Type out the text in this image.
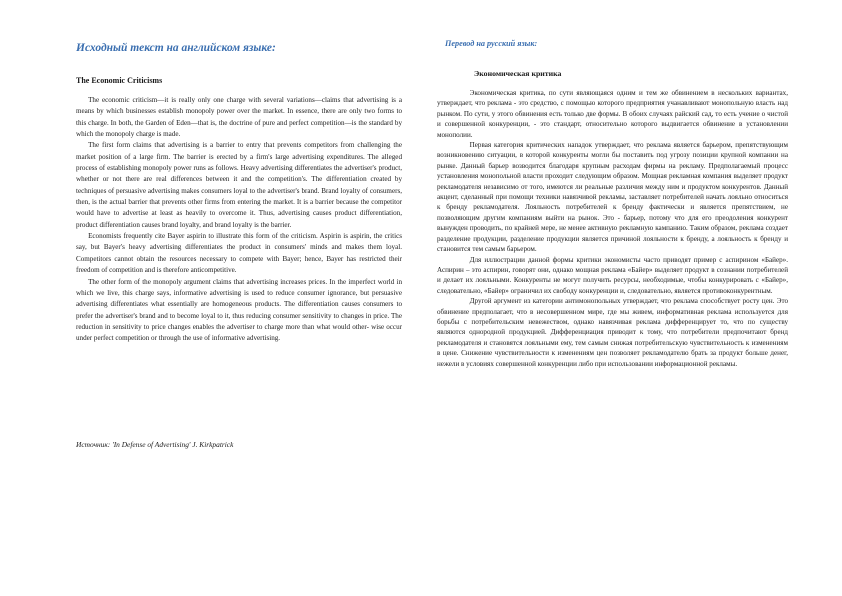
Исходный текст на английском языке:
The Economic Criticisms

The economic criticism—it is really only one charge with several variations—claims that advertising is a means by which businesses establish monopoly power over the market. In essence, there are only two forms to this charge. In both, the Garden of Eden—that is, the doctrine of pure and perfect competition—is the standard by which the monopoly charge is made.

The first form claims that advertising is a barrier to entry that prevents competitors from challenging the market position of a large firm. The barrier is erected by a firm's large advertising expenditures. The alleged process of establishing monopoly power runs as follows. Heavy advertising differentiates the advertiser's product, whether or not there are real differences between it and the competition's. The differentiation created by techniques of persuasive advertising makes consumers loyal to the advertiser's brand. Brand loyalty of consumers, then, is the actual barrier that prevents other firms from entering the market. It is a barrier because the competitor would have to advertise at least as heavily to overcome it. Thus, advertising causes product differentiation, product differentiation causes brand loyalty, and brand loyalty is the barrier.

Economists frequently cite Bayer aspirin to illustrate this form of the criticism. Aspirin is aspirin, the critics say, but Bayer's heavy advertising differentiates the product in consumers' minds and makes them loyal. Competitors cannot obtain the resources necessary to compete with Bayer; hence, Bayer has restricted their freedom of competition and is therefore anticompetitive.

The other form of the monopoly argument claims that advertising increases prices. In the imperfect world in which we live, this charge says, informative advertising is used to reduce consumer ignorance, but persuasive advertising differentiates what essentially are homogeneous products. The differentiation causes consumers to prefer the advertiser's brand and to become loyal to it, thus reducing consumer sensitivity to changes in price. The reduction in sensitivity to price changes enables the advertiser to charge more than what would other- wise occur under perfect competition or through the use of informative advertising.

Источник: 'In Defense of Advertising' J. Kirkpatrick

Перевод на русский язык:
Экономическая критика

Экономическая критика, по сути являющаяся одним и тем же обвинением в нескольких вариантах, утверждает, что реклама - это средство, с помощью которого предприятия учанавливают монопольную власть над рынком. По сути, у этого обвинения есть только две формы. В обоих случаях райский сад, то есть учение о чистой и совершенной конкуренции, - это стандарт, относительно которого выдвигается обвинение в установлении монополии.

Первая категория критических нападок утверждает, что реклама является барьером, препятствующим возникновению ситуации, в которой конкуренты могли бы поставить под угрозу позиции крупной компании на рынке. Данный барьер возводится благодаря крупным расходам фирмы на рекламу. Предполагаемый процесс установления монопольной власти проходит следующим образом. Мощная рекламная компания выделяет продукт рекламодателя независимо от того, имеются ли реальные различия между ним и продуктом конкурентов. Данный акцент, сделанный при помощи техники навязчивой рекламы, заставляет потребителей начать лояльно относиться к бренду рекламодателя. Лояльность потребителей к бренду фактически и является препятствием, не позволяющим другим компаниям выйти на рынок. Это - барьер, потому что для его преодоления конкурент вынужден проводить, по крайней мере, не менее активную рекламную кампанию. Таким образом, реклама создает разделение продукции, разделение продукции является причиной лояльности к бренду, а лояльность к бренду и становится тем самым барьером.

Для иллюстрации данной формы критики экономисты часто приводят пример с аспирином «Байер». Аспирин – это аспирин, говорят они, однако мощная реклама «Байер» выделяет продукт в сознании потребителей и делает их лояльными. Конкуренты не могут получить ресурсы, необходимые, чтобы конкурировать с «Байер», следовательно, «Байер» ограничил их свободу конкуренции и, следовательно, является противоконкурентным.

Другой аргумент из категории антимонопольных утверждает, что реклама способствует росту цен. Это обвинение предполагает, что в несовершенном мире, где мы живем, информативная реклама используется для борьбы с потребительским невежеством, однако навязчивая реклама дифференцирует то, что по существу являются однородной продукцией. Дифференциация приводит к тому, что потребители предпочитают бренд рекламодателя и становятся лояльными ему, тем самым снижая потребительскую чувствительность к изменениям в цене. Снижение чувствительности к изменениям цен позволяет рекламодателю брать за продукт больше денег, нежели в условиях совершенной конкуренции либо при использовании информационной рекламы.
